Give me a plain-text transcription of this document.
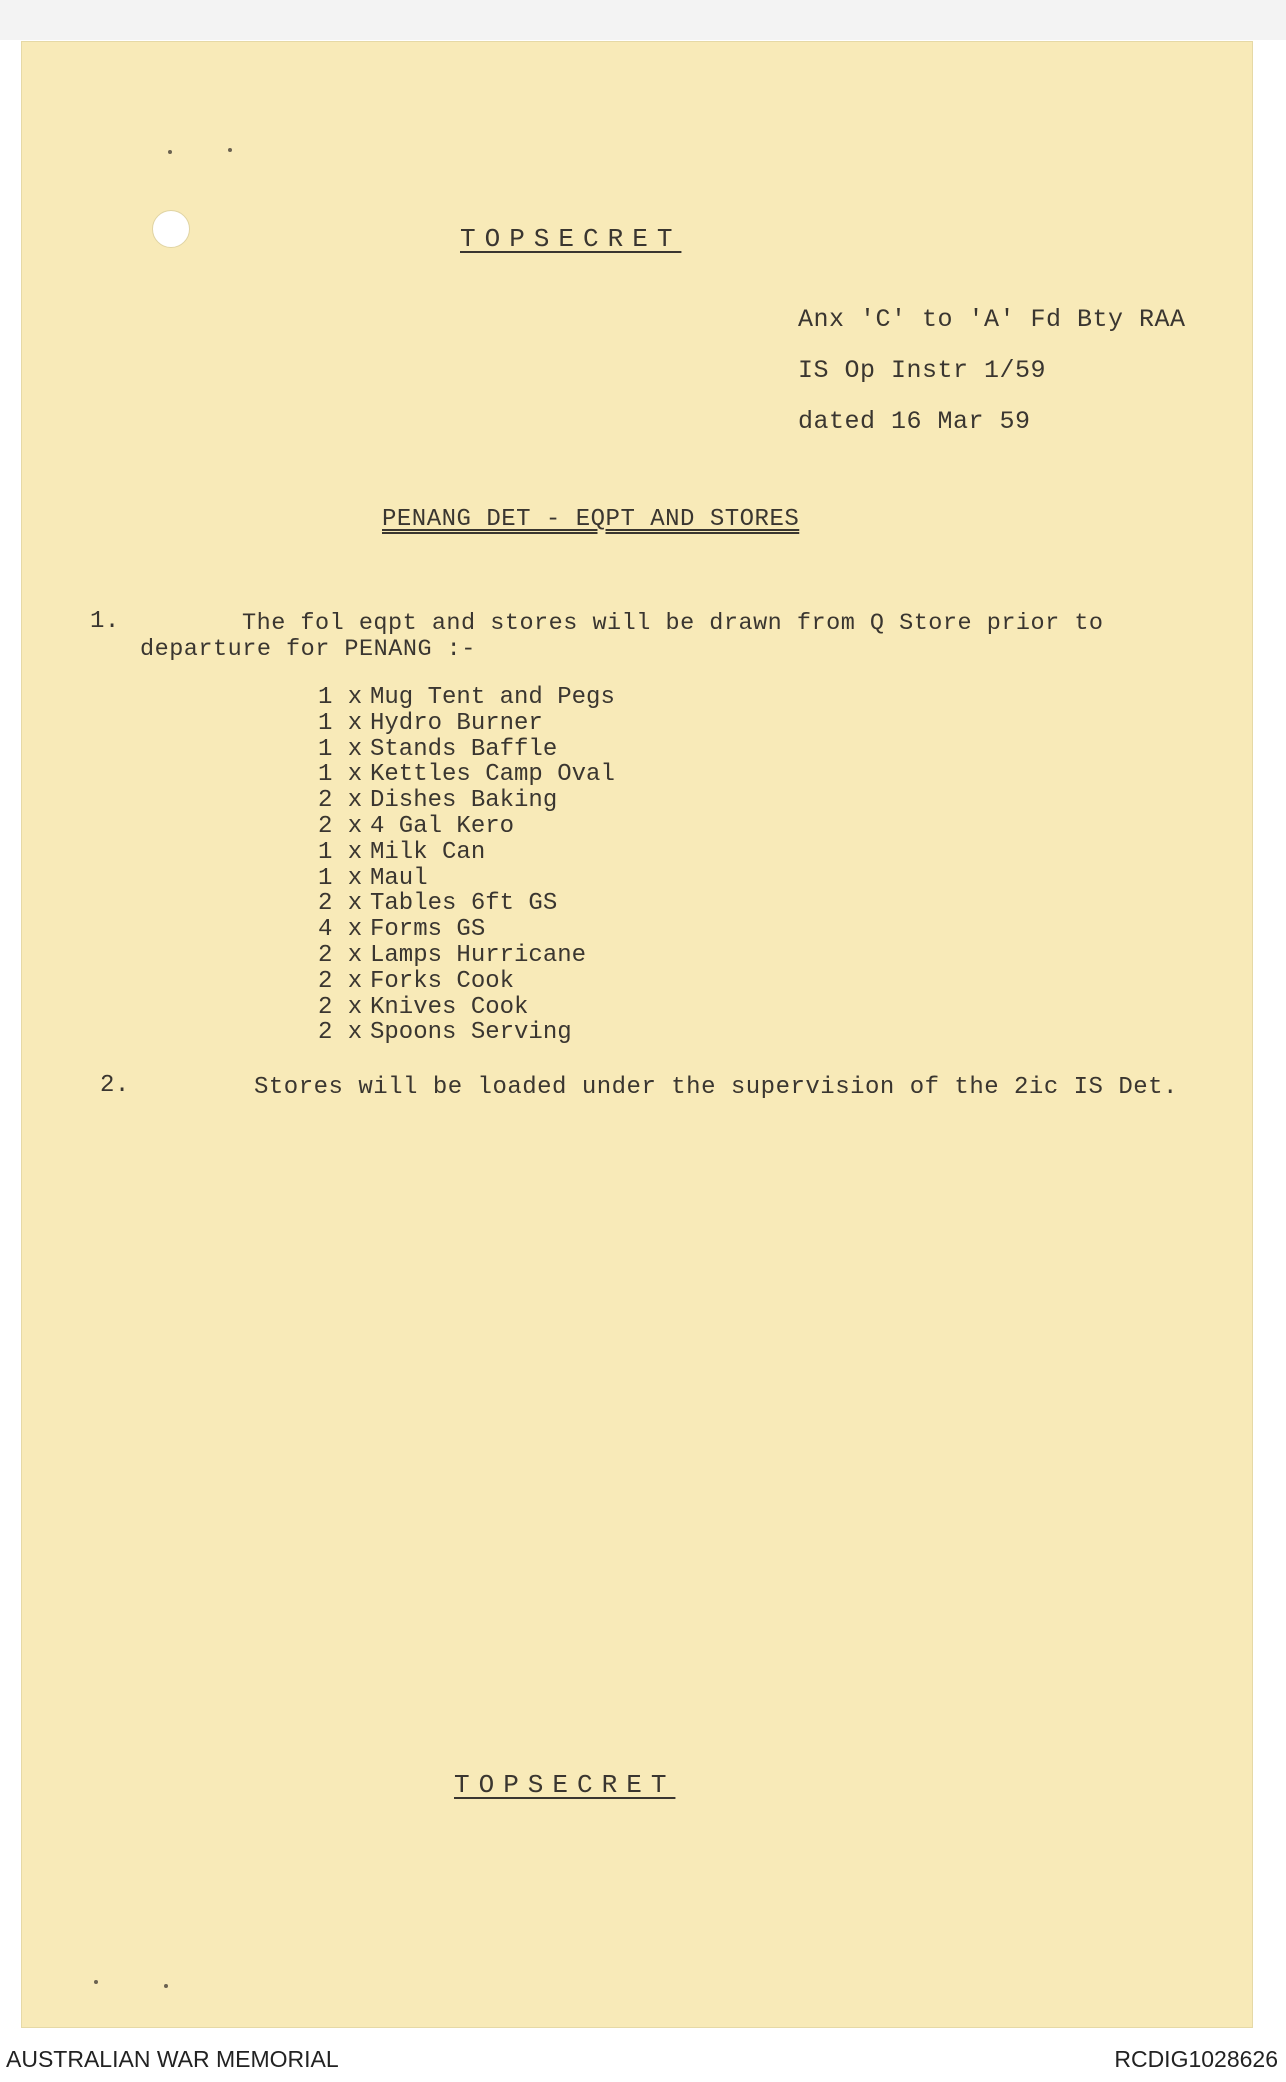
TOPSECRET
Anx 'C' to 'A' Fd Bty RAA
IS Op Instr 1/59
dated 16 Mar 59
PENANG DET - EQPT AND STORES
1.	The fol eqpt and stores will be drawn from Q Store prior to
departure for PENANG :-
1 x Mug Tent and Pegs
1 x Hydro Burner
1 x Stands Baffle
1 x Kettles Camp Oval
2 x Dishes Baking
2 x 4 Gal Kero
1 x Milk Can
1 x Maul
2 x Tables 6ft GS
4 x Forms GS
2 x Lamps Hurricane
2 x Forks Cook
2 x Knives Cook
2 x Spoons Serving
2.	Stores will be loaded under the supervision of the 2ic IS Det.
TOPSECRET
AUSTRALIAN WAR MEMORIAL	RCDIG1028626
